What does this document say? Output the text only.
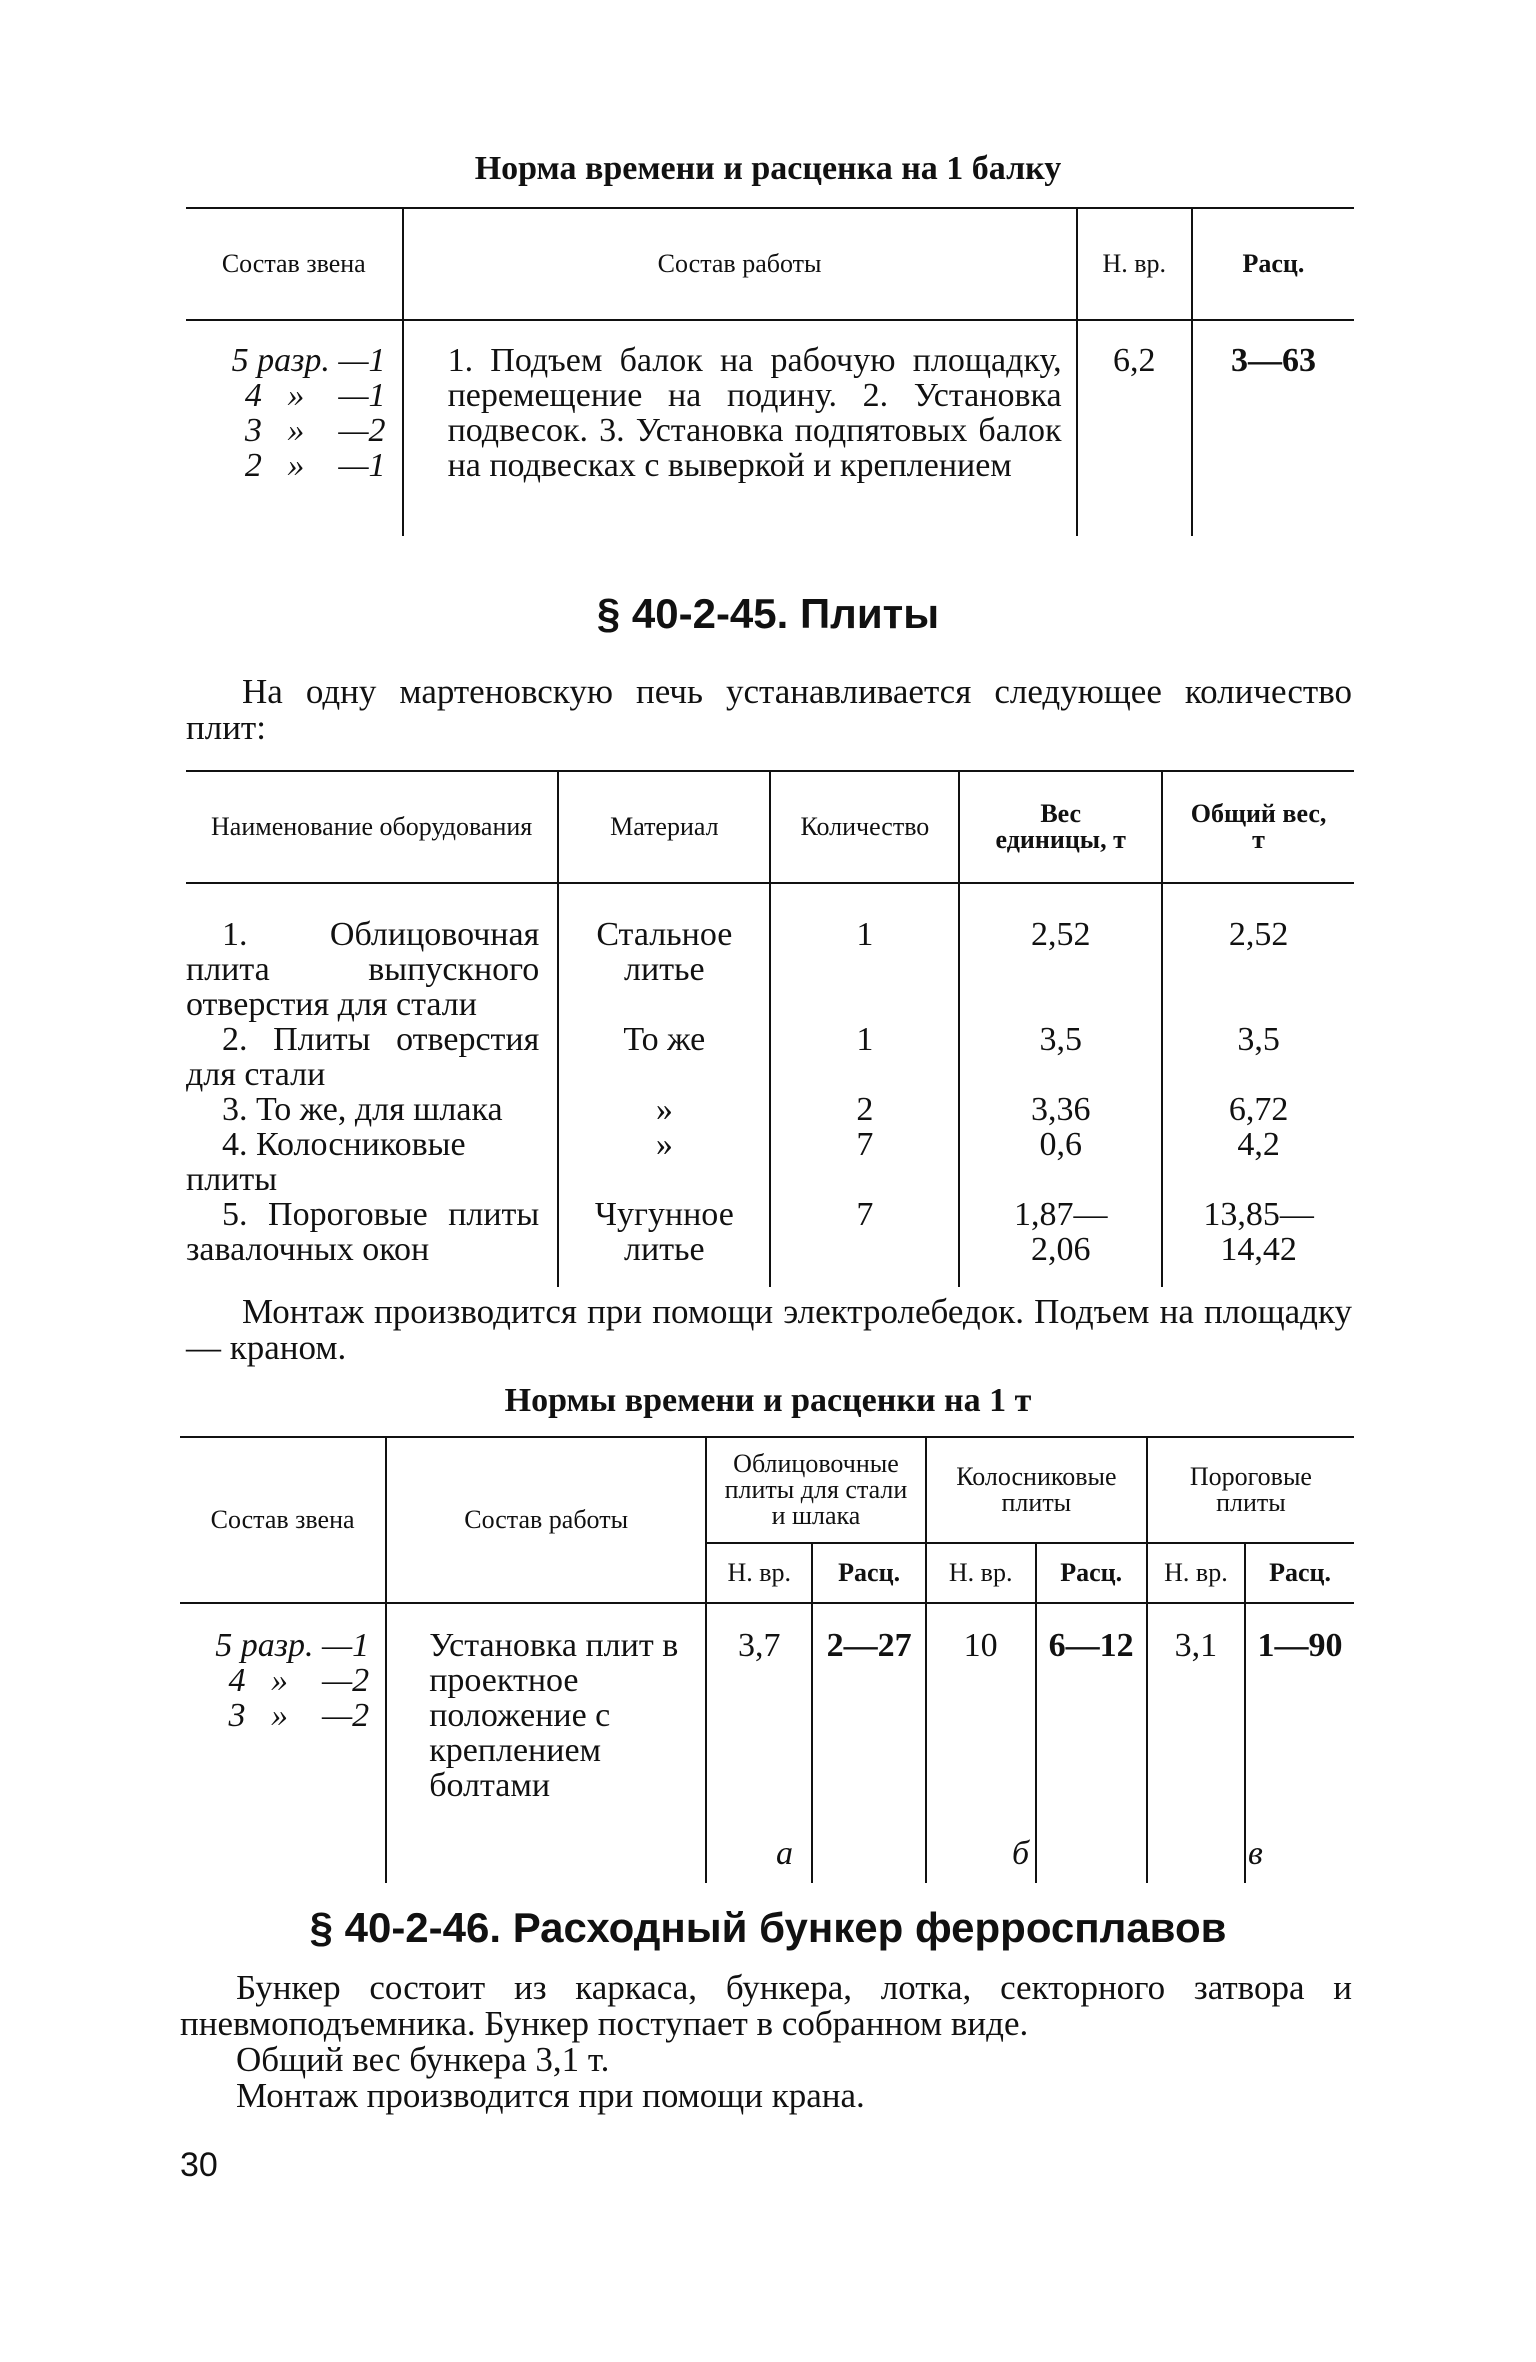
Норма времени и расценка на 1 балку
Состав звена	Состав работы	Н. вр.	Расц.

5 разр. —1
4   »    —1
3   »    —2
2   »    —1	1. Подъем балок на рабочую площадку, перемещение на подину. 2. Установка подвесок. 3. Установка подпятовых балок на подвесках с выверкой и креплением	6,2	3—63
§ 40-2-45. Плиты
На одну мартеновскую печь устанавливается следующее количество плит:
Наименование оборудования	Материал	Количество	Вес единицы, т	Общий вес, т

1. Облицовочная плита выпускного отверстия для стали	Стальное литье	1	2,52	2,52
2. Плиты отверстия для стали	То же	1	3,5	3,5
3. То же, для шлака	»	2	3,36	6,72
4. Колосниковые плиты	»	7	0,6	4,2
5. Пороговые плиты завалочных окон	Чугунное литье	7	1,87—2,06	13,85—14,42

Монтаж производится при помощи электролебедок. Подъем на площадку — краном.
Нормы времени и расценки на 1 т
Состав звена	Состав работы	Облицовочные плиты для стали и шлака		Колосниковые плиты		Пороговые плиты	
		Н. вр.	Расц.	Н. вр.	Расц.	Н. вр.	Расц.

5 разр. —1
4   »    —2
3   »    —2	Установка плит в проектное положение с креплением болтами	3,7	2—27	10	6—12	3,1	1—90
а	б	в
§ 40-2-46. Расходный бункер ферросплавов
Бункер состоит из каркаса, бункера, лотка, секторного затвора и пневмоподъемника. Бункер поступает в собранном виде.
Общий вес бункера 3,1 т.
Монтаж производится при помощи крана.
30
